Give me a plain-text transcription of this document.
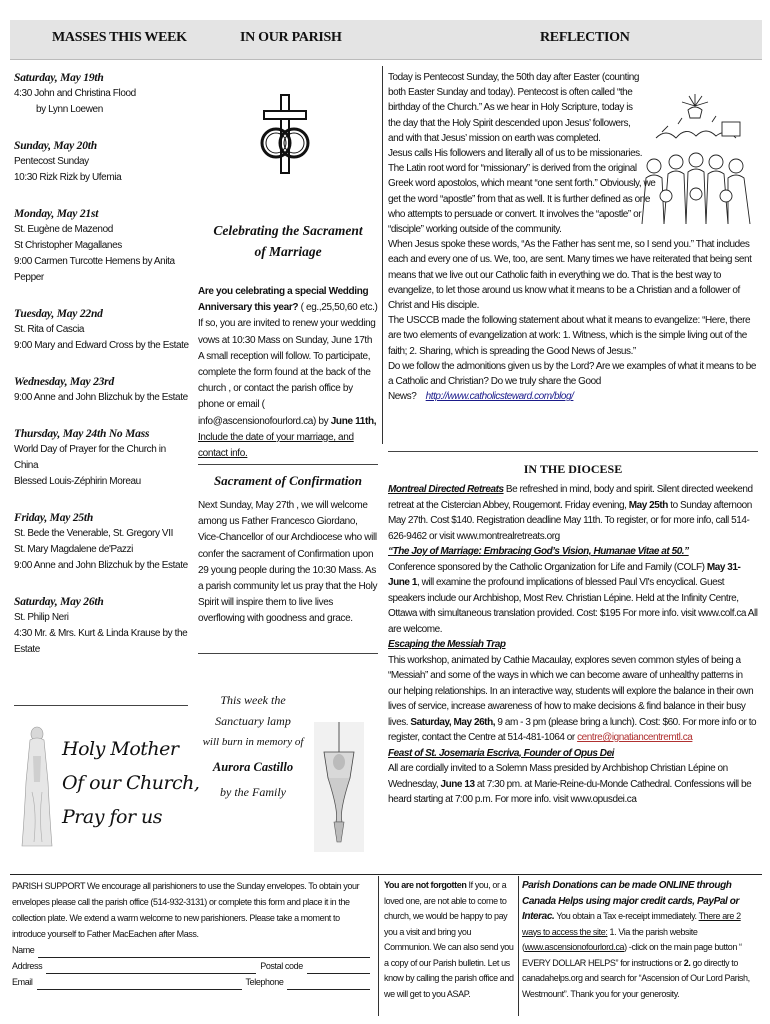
MASSES THIS WEEK	IN OUR PARISH	REFLECTION
Saturday, May 19th
4:30 John and Christina Flood
by Lynn Loewen
Sunday, May 20th
Pentecost Sunday
10:30 Rizk Rizk by Ufemia
Monday, May 21st
St. Eugène de Mazenod
St Christopher Magallanes
9:00 Carmen Turcotte Hemens by Anita Pepper
Tuesday, May 22nd
St. Rita of Cascia
9:00 Mary and Edward Cross by the Estate
Wednesday, May 23rd
9:00 Anne and John Blizchuk by the Estate
Thursday, May 24th No Mass
World Day of Prayer for the Church in China
Blessed Louis-Zéphirin Moreau
Friday, May 25th
St. Bede the Venerable, St. Gregory VII
St. Mary Magdalene de'Pazzi
9:00 Anne and John Blizchuk by the Estate
Saturday, May 26th
St. Philip Neri
4:30 Mr. & Mrs. Kurt & Linda Krause by the Estate
Holy Mother
Of our Church,
Pray for us
Celebrating the Sacrament of Marriage

Are you celebrating a special Wedding Anniversary this year? ( eg.,25,50,60 etc.) If so, you are invited to renew your wedding vows at 10:30 Mass on Sunday, June 17th A small reception will follow. To participate, complete the form found at the back of the church , or contact the parish office by phone or email ( info@ascensionofourlord.ca) by June 11th, Include the date of your marriage, and contact info.

Sacrament of Confirmation

Next Sunday, May 27th , we will welcome among us Father Francesco Giordano, Vice-Chancellor of our Archdiocese who will confer the sacrament of Confirmation upon 29 young people during the 10:30 Mass. As a parish community let us pray that the Holy Spirit will inspire them to live lives overflowing with goodness and grace.

This week the
Sanctuary lamp
will burn in memory of
Aurora Castillo
by the Family

Today is Pentecost Sunday, the 50th day after Easter (counting both Easter Sunday and today). Pentecost is often called “the birthday of the Church.” As we hear in Holy Scripture, today is the day that the Holy Spirit descended upon Jesus’ followers, and with that Jesus’ mission on earth was completed.

Jesus calls His followers and literally all of us to be missionaries. The Latin root word for “missionary” is derived from the original Greek word apostolos, which meant “one sent forth.” Obviously, we get the word “apostle” from that as well. It is further defined as one who attempts to persuade or convert. It involves the “apostle” or “disciple” working outside of the community.

When Jesus spoke these words, “As the Father has sent me, so I send you.” That includes each and every one of us. We, too, are sent. Many times we have reiterated that being sent means that we live out our Catholic faith in everything we do. That is the best way to evangelize, to let those around us know what it means to be a Christian and a follower of Christ and His disciple.

The USCCB made the following statement about what it means to evangelize: “Here, there are two elements of evangelization at work: 1. Witness, which is the simple living out of the faith; 2. Sharing, which is spreading the Good News of Jesus.”

Do we follow the admonitions given us by the Lord? Are we examples of what it means to be a Catholic and Christian? Do we truly share the Good News? http://www.catholicsteward.com/blog/

IN THE DIOCESE

Montreal Directed Retreats Be refreshed in mind, body and spirit. Silent directed weekend retreat at the Cistercian Abbey, Rougemont. Friday evening, May 25th to Sunday afternoon May 27th. Cost $140. Registration deadline May 11th. To register, or for more info, call 514-626-9462 or visit www.montrealretreats.org

“The Joy of Marriage: Embracing God’s Vision, Humanae Vitae at 50.”

Conference sponsored by the Catholic Organization for Life and Family (COLF) May 31-June 1, will examine the profound implications of blessed Paul VI's encyclical. Guest speakers include our Archbishop, Most Rev. Christian Lépine. Held at the Infinity Centre, Ottawa with simultaneous translation provided. Cost: $195 For more info. visit www.colf.ca All are welcome.

Escaping the Messiah Trap

This workshop, animated by Cathie Macaulay, explores seven common styles of being a “Messiah” and some of the ways in which we can become aware of unhealthy patterns in our helping relationships. In an interactive way, students will explore the balance in their own lives of service, increase awareness of how to make decisions & find balance in their busy lives. Saturday, May 26th, 9 am - 3 pm (please bring a lunch). Cost: $60. For more info or to register, contact the Centre at 514-481-1064 or centre@ignatiancentremtl.ca

Feast of St. Josemaria Escriva, Founder of Opus Dei

All are cordially invited to a Solemn Mass presided by Archbishop Christian Lépine on Wednesday, June 13 at 7:30 pm. at Marie-Reine-du-Monde Cathedral. Confessions will be heard starting at 7:00 p.m. For more info. visit www.opusdei.ca

PARISH SUPPORT We encourage all parishioners to use the Sunday envelopes. To obtain your envelopes please call the parish office (514-932-3131) or complete this form and place it in the collection plate. We extend a warm welcome to new parishioners. Please take a moment to introduce yourself to Father MacEachen after Mass.
Name
Address	Postal code
Email	Telephone
You are not forgotten If you, or a loved one, are not able to come to church, we would be happy to pay you a visit and bring you Communion. We can also send you a copy of our Parish bulletin. Let us know by calling the parish office and we will get to you ASAP.
Parish Donations can be made ONLINE through Canada Helps using major credit cards, PayPal or Interac. You obtain a Tax e-receipt immediately. There are 2 ways to access the site: 1. Via the parish website (www.ascensionofourlord.ca) -click on the main page button “ EVERY DOLLAR HELPS” for instructions or 2. go directly to canadahelps.org and search for “Ascension of Our Lord Parish, Westmount”. Thank you for your generosity.
